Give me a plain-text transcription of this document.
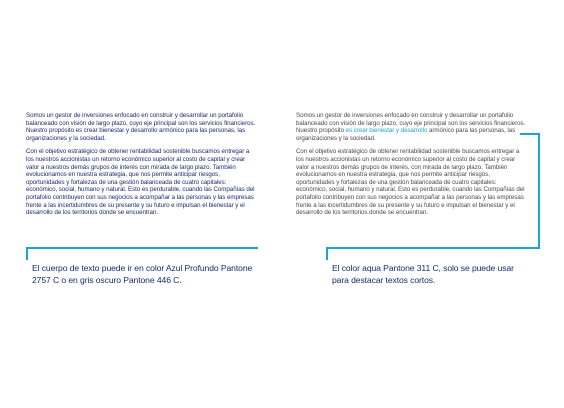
Somos un gestor de inversiones enfocado en construir y desarrollar un portafolio balanceado con visión de largo plazo, cuyo eje principal son los servicios financieros. Nuestro propósito es crear bienestar y desarrollo armónico para las personas, las organizaciones y la sociedad.

Con el objetivo estratégico de obtener rentabilidad sostenible buscamos entregar a los nuestros accionistas un retorno económico superior al costo de capital y crear valor a nuestros demás grupos de interés con mirada de largo plazo. También evolucionamos en nuestra estrategia, que nos permite anticipar riesgos, oportunidades y fortalezas de una gestión balanceada de cuatro capitales: económico, social, humano y natural. Esto es perdurable, cuando las Compañías del portafolio contribuyen con sus negocios a acompañar a las personas y las empresas frente a las incertidumbres de su presente y su futuro e impulsan el bienestar y el desarrollo de los territorios donde se encuentran.

El cuerpo de texto puede ir en color Azul Profundo Pantone 2757 C o en gris oscuro Pantone 446 C.

Somos un gestor de inversiones enfocado en construir y desarrollar un portafolio balanceado con visión de largo plazo, cuyo eje principal son los servicios financieros. Nuestro propósito es crear bienestar y desarrollo armónico para las personas, las organizaciones y la sociedad.

Con el objetivo estratégico de obtener rentabilidad sostenible buscamos entregar a los nuestros accionistas un retorno económico superior al costo de capital y crear valor a nuestros demás grupos de interés, con mirada de largo plazo. También evolucionamos en nuestra estrategia, que nos permite anticipar riesgos, oportunidades y fortalezas de una gestión balanceada de cuatro capitales: económico, social, humano y natural. Esto es perdurable, cuando las Compañías del portafolio contribuyen con sus negocios a acompañar a las personas y las empresas frente a las incertidumbres de su presente y su futuro e impulsan el bienestar y el desarrollo de los territorios donde se encuentran.

El color aqua Pantone 311 C, solo se puede usar para destacar textos cortos.
